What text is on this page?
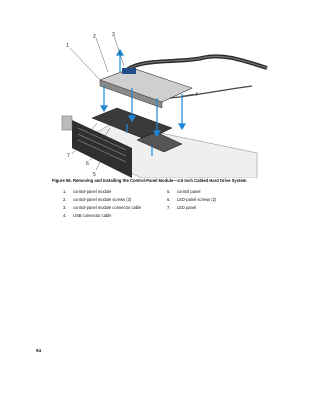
1
2	3
4
5
6
7
Figure 56. Removing and Installing the Control-Panel Module—3.5 Inch Cabled Hard Drive System
1. control-panel module
2. control-panel module screws (3)
3. control-panel module connector cable
4. USB connector cable
5. control panel
6. LED-panel screws (2)
7. LED panel
94
